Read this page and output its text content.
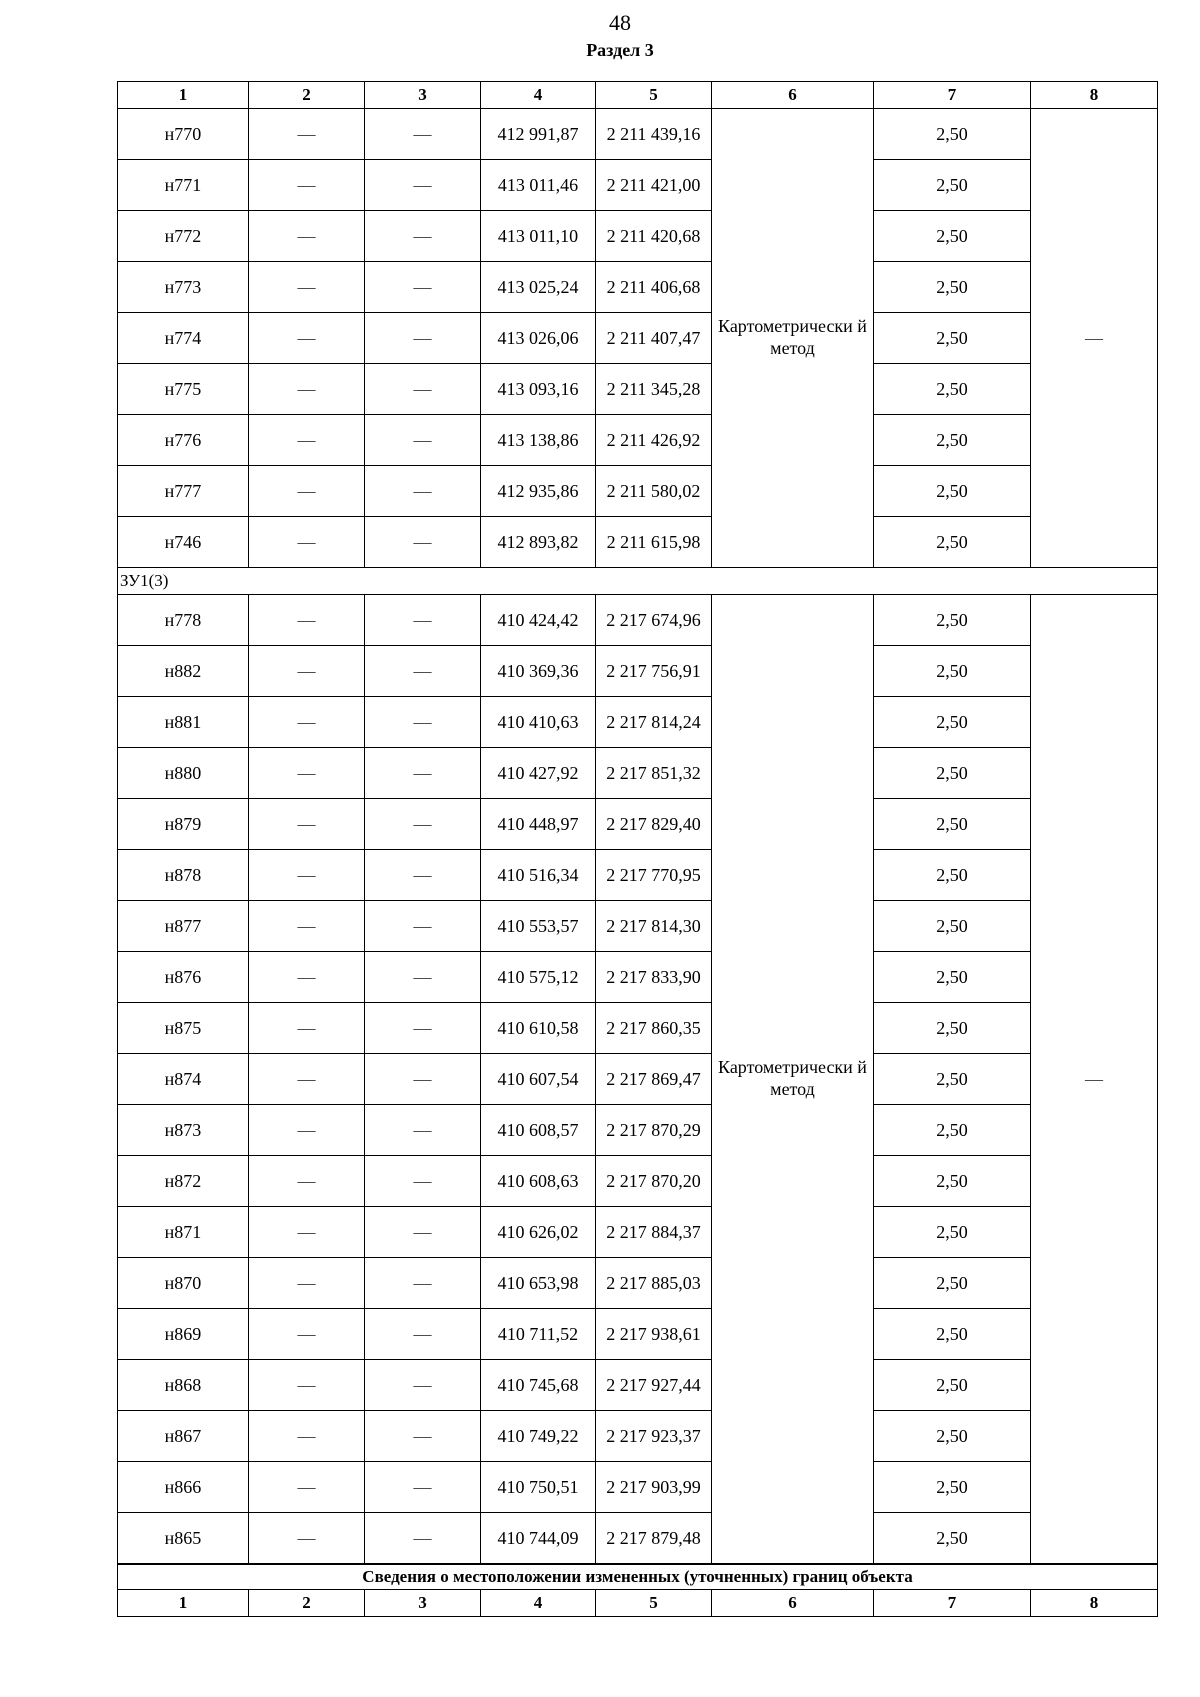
48
Раздел 3
1	2	3	4	5	6	7	8
н770	—	—	412 991,87	2 211 439,16	Картометрически й метод	2,50	—
н771	—	—	413 011,46	2 211 421,00		2,50	
н772	—	—	413 011,10	2 211 420,68		2,50	
н773	—	—	413 025,24	2 211 406,68		2,50	
н774	—	—	413 026,06	2 211 407,47		2,50	
н775	—	—	413 093,16	2 211 345,28		2,50	
н776	—	—	413 138,86	2 211 426,92		2,50	
н777	—	—	412 935,86	2 211 580,02		2,50	
н746	—	—	412 893,82	2 211 615,98		2,50	
ЗУ1(3)							
н778	—	—	410 424,42	2 217 674,96	Картометрически й метод	2,50	—
н882	—	—	410 369,36	2 217 756,91		2,50	
н881	—	—	410 410,63	2 217 814,24		2,50	
н880	—	—	410 427,92	2 217 851,32		2,50	
н879	—	—	410 448,97	2 217 829,40		2,50	
н878	—	—	410 516,34	2 217 770,95		2,50	
н877	—	—	410 553,57	2 217 814,30		2,50	
н876	—	—	410 575,12	2 217 833,90		2,50	
н875	—	—	410 610,58	2 217 860,35		2,50	
н874	—	—	410 607,54	2 217 869,47		2,50	
н873	—	—	410 608,57	2 217 870,29		2,50	
н872	—	—	410 608,63	2 217 870,20		2,50	
н871	—	—	410 626,02	2 217 884,37		2,50	
н870	—	—	410 653,98	2 217 885,03		2,50	
н869	—	—	410 711,52	2 217 938,61		2,50	
н868	—	—	410 745,68	2 217 927,44		2,50	
н867	—	—	410 749,22	2 217 923,37		2,50	
н866	—	—	410 750,51	2 217 903,99		2,50	
н865	—	—	410 744,09	2 217 879,48		2,50	
Сведения о местоположении измененных (уточненных) границ объекта							
1	2	3	4	5	6	7	8
